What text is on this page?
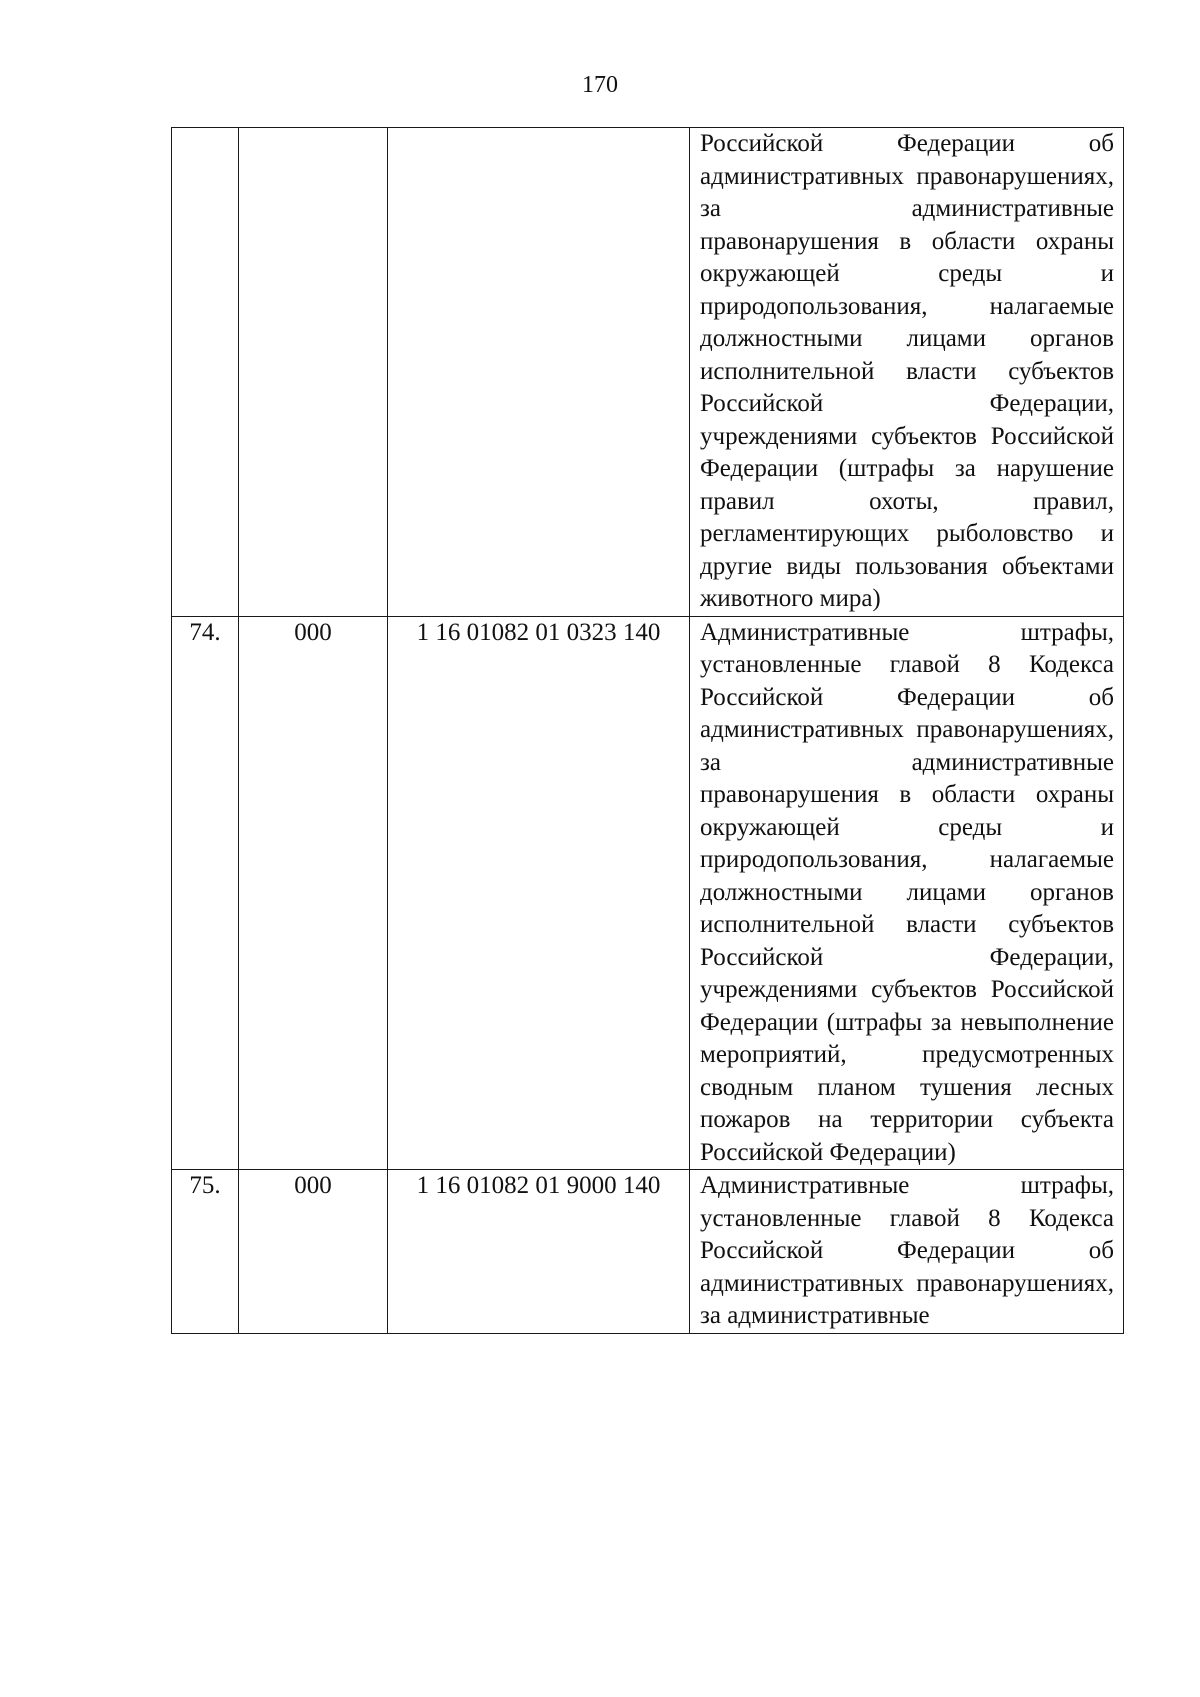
170

			Российской Федерации об административных правонарушениях, за административные правонарушения в области охраны окружающей среды и природопользования, налагаемые должностными лицами органов исполнительной власти субъектов Российской Федерации, учреждениями субъектов Российской Федерации (штрафы за нарушение правил охоты, правил, регламентирующих рыболовство и другие виды пользования объектами животного мира)

74.	000	1 16 01082 01 0323 140	Административные штрафы, установленные главой 8 Кодекса Российской Федерации об административных правонарушениях, за административные правонарушения в области охраны окружающей среды и природопользования, налагаемые должностными лицами органов исполнительной власти субъектов Российской Федерации, учреждениями субъектов Российской Федерации (штрафы за невыполнение мероприятий, предусмотренных сводным планом тушения лесных пожаров на территории субъекта Российской Федерации)

75.	000	1 16 01082 01 9000 140	Административные штрафы, установленные главой 8 Кодекса Российской Федерации об административных правонарушениях, за административные
